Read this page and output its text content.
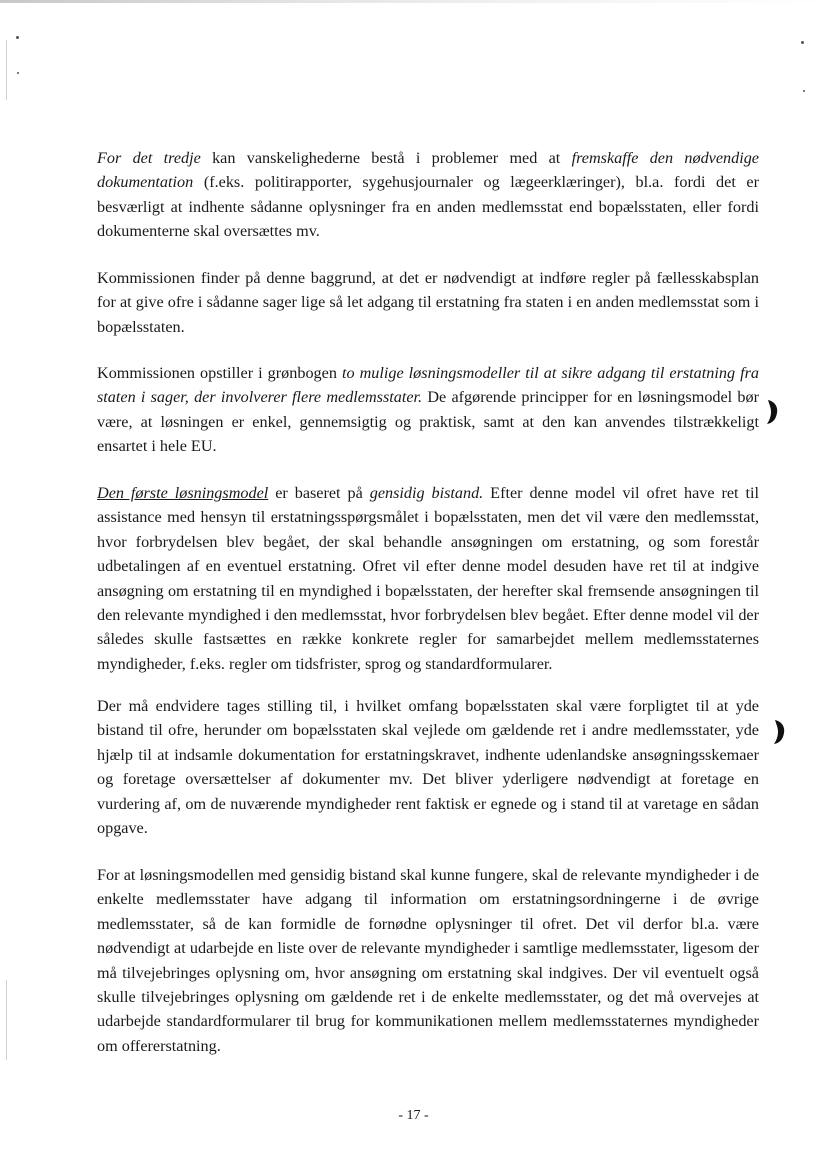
For det tredje kan vanskelighederne bestå i problemer med at fremskaffe den nødvendige dokumentation (f.eks. politirapporter, sygehusjournaler og lægeerklæringer), bl.a. fordi det er besværligt at indhente sådanne oplysninger fra en anden medlemsstat end bopælsstaten, eller fordi dokumenterne skal oversættes mv.

Kommissionen finder på denne baggrund, at det er nødvendigt at indføre regler på fællesskabsplan for at give ofre i sådanne sager lige så let adgang til erstatning fra staten i en anden medlemsstat som i bopælsstaten.

Kommissionen opstiller i grønbogen to mulige løsningsmodeller til at sikre adgang til erstatning fra staten i sager, der involverer flere medlemsstater. De afgørende principper for en løsningsmodel bør være, at løsningen er enkel, gennemsigtig og praktisk, samt at den kan anvendes tilstrækkeligt ensartet i hele EU.

Den første løsningsmodel er baseret på gensidig bistand. Efter denne model vil ofret have ret til assistance med hensyn til erstatningsspørgsmålet i bopælsstaten, men det vil være den medlemsstat, hvor forbrydelsen blev begået, der skal behandle ansøgningen om erstatning, og som forestår udbetalingen af en eventuel erstatning. Ofret vil efter denne model desuden have ret til at indgive ansøgning om erstatning til en myndighed i bopælsstaten, der herefter skal fremsende ansøgningen til den relevante myndighed i den medlemsstat, hvor forbrydelsen blev begået. Efter denne model vil der således skulle fastsættes en række konkrete regler for samarbejdet mellem medlemsstaternes myndigheder, f.eks. regler om tidsfrister, sprog og standardformularer.

Der må endvidere tages stilling til, i hvilket omfang bopælsstaten skal være forpligtet til at yde bistand til ofre, herunder om bopælsstaten skal vejlede om gældende ret i andre medlemsstater, yde hjælp til at indsamle dokumentation for erstatningskravet, indhente udenlandske ansøgningsskemaer og foretage oversættelser af dokumenter mv. Det bliver yderligere nødvendigt at foretage en vurdering af, om de nuværende myndigheder rent faktisk er egnede og i stand til at varetage en sådan opgave.

For at løsningsmodellen med gensidig bistand skal kunne fungere, skal de relevante myndigheder i de enkelte medlemsstater have adgang til information om erstatningsordningerne i de øvrige medlemsstater, så de kan formidle de fornødne oplysninger til ofret. Det vil derfor bl.a. være nødvendigt at udarbejde en liste over de relevante myndigheder i samtlige medlemsstater, ligesom der må tilvejebringes oplysning om, hvor ansøgning om erstatning skal indgives. Der vil eventuelt også skulle tilvejebringes oplysning om gældende ret i de enkelte medlemsstater, og det må overvejes at udarbejde standardformularer til brug for kommunikationen mellem medlemsstaternes myndigheder om offererstatning.

- 17 -
